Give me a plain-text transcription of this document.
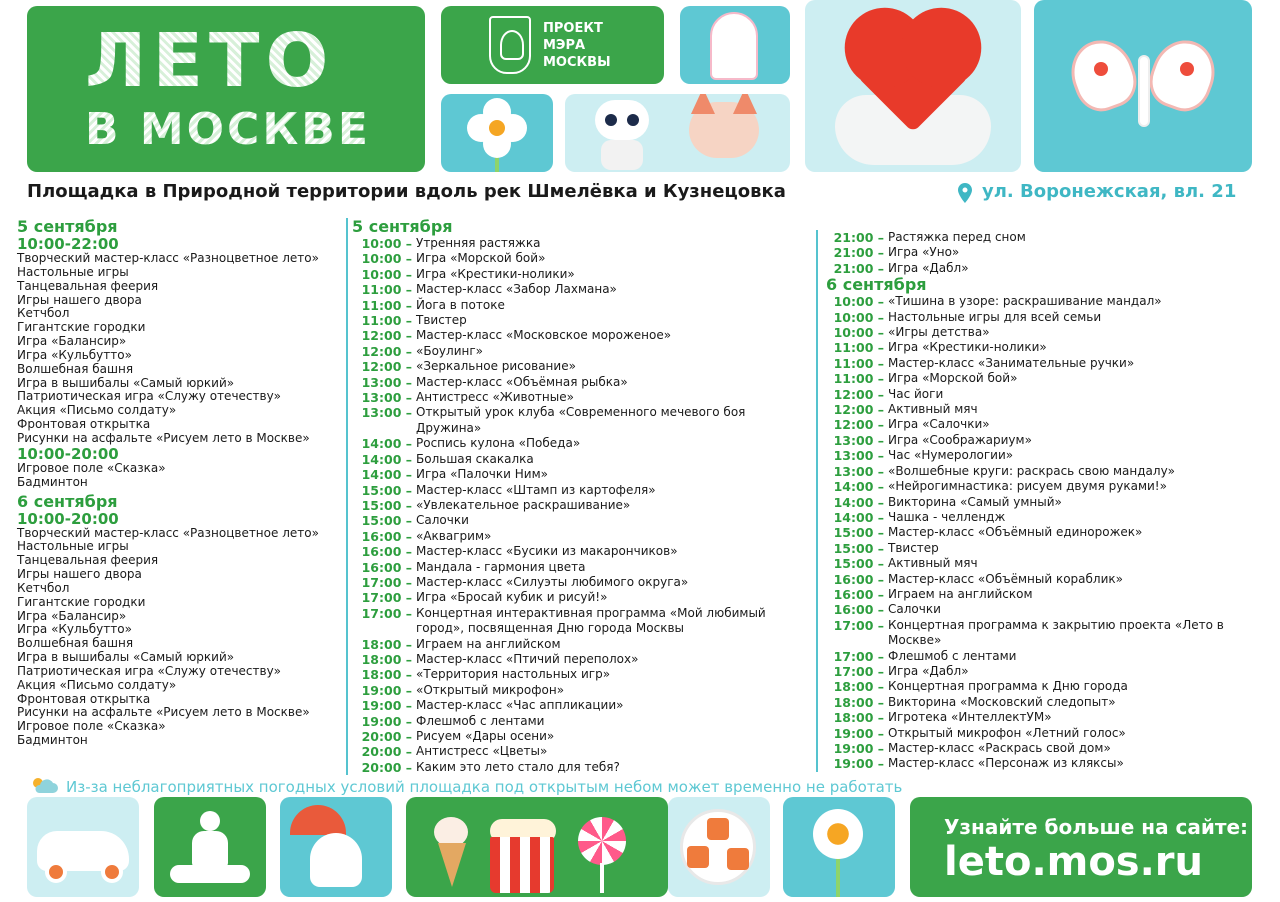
ЛЕТО
В МОСКВЕ
ПРОЕКТ
МЭРА
МОСКВЫ
Площадка в Природной территории вдоль рек Шмелёвка и Кузнецовка	ул. Воронежская, вл. 21
5 сентября
10:00-22:00
Творческий мастер-класс «Разноцветное лето»
Настольные игры
Танцевальная феерия
Игры нашего двора
Кетчбол
Гигантские городки
Игра «Балансир»
Игра «Кульбутто»
Волшебная башня
Игра в вышибалы «Самый юркий»
Патриотическая игра «Служу отечеству»
Акция «Письмо солдату»
Фронтовая открытка
Рисунки на асфальте «Рисуем лето в Москве»
10:00-20:00
Игровое поле «Сказка»
Бадминтон
6 сентября
10:00-20:00
Творческий мастер-класс «Разноцветное лето»
Настольные игры
Танцевальная феерия
Игры нашего двора
Кетчбол
Гигантские городки
Игра «Балансир»
Игра «Кульбутто»
Волшебная башня
Игра в вышибалы «Самый юркий»
Патриотическая игра «Служу отечеству»
Акция «Письмо солдату»
Фронтовая открытка
Рисунки на асфальте «Рисуем лето в Москве»
Игровое поле «Сказка»
Бадминтон
5 сентября
10:00 – Утренняя растяжка
10:00 – Игра «Морской бой»
10:00 – Игра «Крестики-нолики»
11:00 – Мастер-класс «Забор Лахмана»
11:00 – Йога в потоке
11:00 – Твистер
12:00 – Мастер-класс «Московское мороженое»
12:00 – «Боулинг»
12:00 – «Зеркальное рисование»
13:00 – Мастер-класс «Объёмная рыбка»
13:00 – Антистресс «Животные»
13:00 – Открытый урок клуба «Современного мечевого боя Дружина»
14:00 – Роспись кулона «Победа»
14:00 – Большая скакалка
14:00 – Игра «Палочки Ним»
15:00 – Мастер-класс «Штамп из картофеля»
15:00 – «Увлекательное раскрашивание»
15:00 – Салочки
16:00 – «Аквагрим»
16:00 – Мастер-класс «Бусики из макарончиков»
16:00 – Мандала - гармония цвета
17:00 – Мастер-класс «Силуэты любимого округа»
17:00 – Игра «Бросай кубик и рисуй!»
17:00 – Концертная интерактивная программа «Мой любимый город», посвященная Дню города Москвы
18:00 – Играем на английском
18:00 – Мастер-класс «Птичий переполох»
18:00 – «Территория настольных игр»
19:00 – «Открытый микрофон»
19:00 – Мастер-класс «Час аппликации»
19:00 – Флешмоб с лентами
20:00 – Рисуем «Дары осени»
20:00 – Антистресс «Цветы»
20:00 – Каким это лето стало для тебя?
21:00 – Растяжка перед сном
21:00 – Игра «Уно»
21:00 – Игра «Дабл»
6 сентября
10:00 – «Тишина в узоре: раскрашивание мандал»
10:00 – Настольные игры для всей семьи
10:00 – «Игры детства»
11:00 – Игра «Крестики-нолики»
11:00 – Мастер-класс «Занимательные ручки»
11:00 – Игра «Морской бой»
12:00 – Час йоги
12:00 – Активный мяч
12:00 – Игра «Салочки»
13:00 – Игра «Соображариум»
13:00 – Час «Нумерологии»
13:00 – «Волшебные круги: раскрась свою мандалу»
14:00 – «Нейрогимнастика: рисуем двумя руками!»
14:00 – Викторина «Самый умный»
14:00 – Чашка - челлендж
15:00 – Мастер-класс «Объёмный единорожек»
15:00 – Твистер
15:00 – Активный мяч
16:00 – Мастер-класс «Объёмный кораблик»
16:00 – Играем на английском
16:00 – Салочки
17:00 – Концертная программа к закрытию проекта «Лето в Москве»
17:00 – Флешмоб с лентами
17:00 – Игра «Дабл»
18:00 – Концертная программа к Дню города
18:00 – Викторина «Московский следопыт»
18:00 – Игротека «ИнтеллектУМ»
19:00 – Открытый микрофон «Летний голос»
19:00 – Мастер-класс «Раскрась свой дом»
19:00 – Мастер-класс «Персонаж из кляксы»
Из-за неблагоприятных погодных условий площадка под открытым небом может временно не работать
Узнайте больше на сайте:
leto.mos.ru
